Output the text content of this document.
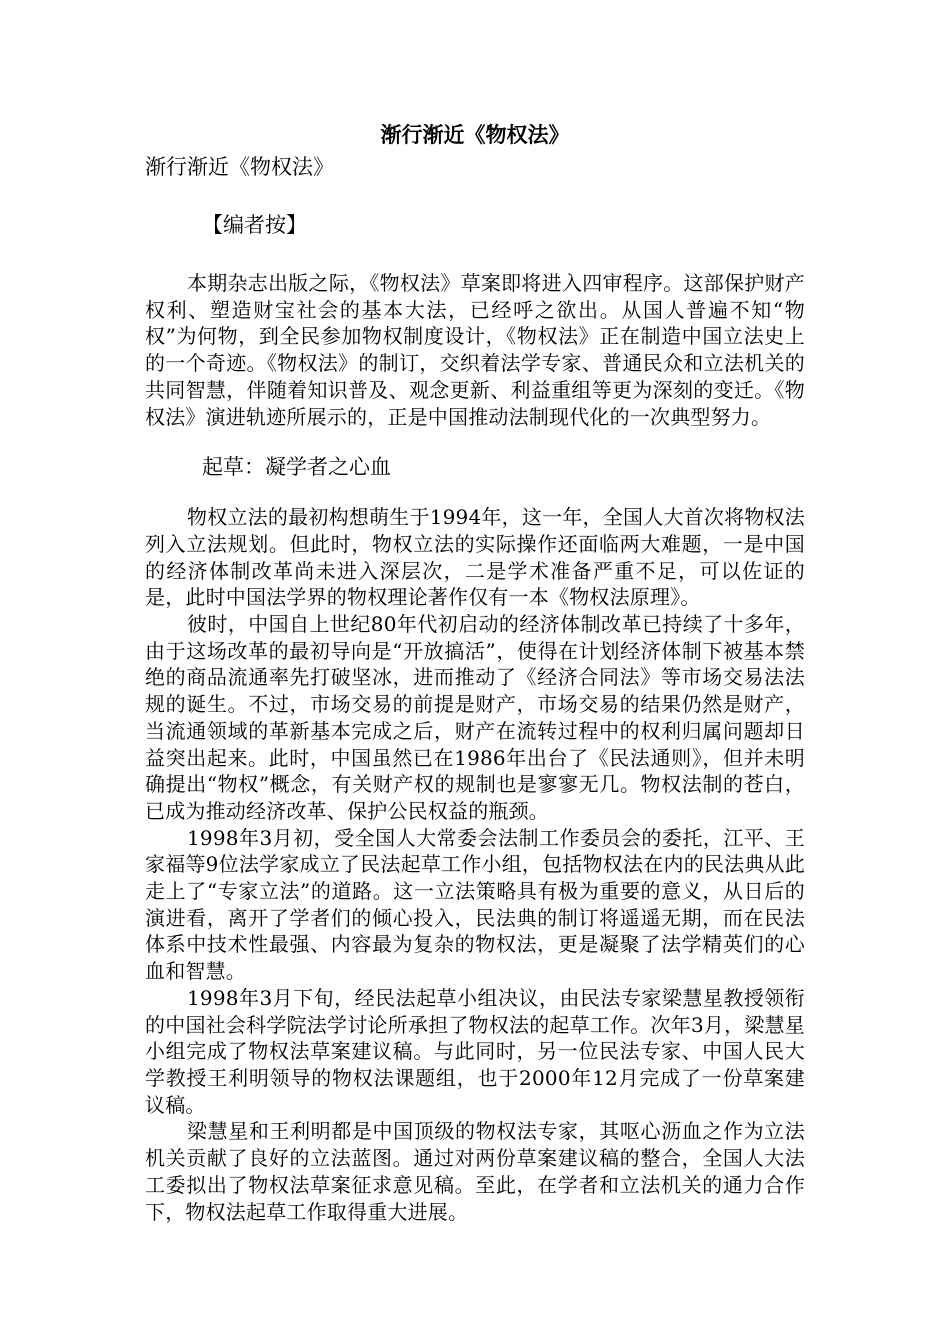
渐行渐近《物权法》

渐行渐近《物权法》

【编者按】

本期杂志出版之际，《物权法》草案即将进入四审程序。这部保护财产权利、塑造财宝社会的基本大法，已经呼之欲出。从国人普遍不知“物权”为何物，到全民参加物权制度设计，《物权法》正在制造中国立法史上的一个奇迹。《物权法》的制订，交织着法学专家、普通民众和立法机关的共同智慧，伴随着知识普及、观念更新、利益重组等更为深刻的变迁。《物权法》演进轨迹所展示的，正是中国推动法制现代化的一次典型努力。

起草：凝学者之心血

物权立法的最初构想萌生于1994年，这一年，全国人大首次将物权法列入立法规划。但此时，物权立法的实际操作还面临两大难题，一是中国的经济体制改革尚未进入深层次，二是学术准备严重不足，可以佐证的是，此时中国法学界的物权理论著作仅有一本《物权法原理》。

彼时，中国自上世纪80年代初启动的经济体制改革已持续了十多年，由于这场改革的最初导向是“开放搞活”，使得在计划经济体制下被基本禁绝的商品流通率先打破坚冰，进而推动了《经济合同法》等市场交易法法规的诞生。不过，市场交易的前提是财产，市场交易的结果仍然是财产，当流通领域的革新基本完成之后，财产在流转过程中的权利归属问题却日益突出起来。此时，中国虽然已在1986年出台了《民法通则》，但并未明确提出“物权”概念，有关财产权的规制也是寥寥无几。物权法制的苍白，已成为推动经济改革、保护公民权益的瓶颈。

1998年3月初，受全国人大常委会法制工作委员会的委托，江平、王家福等9位法学家成立了民法起草工作小组，包括物权法在内的民法典从此走上了“专家立法”的道路。这一立法策略具有极为重要的意义，从日后的演进看，离开了学者们的倾心投入，民法典的制订将遥遥无期，而在民法体系中技术性最强、内容最为复杂的物权法，更是凝聚了法学精英们的心血和智慧。

1998年3月下旬，经民法起草小组决议，由民法专家梁慧星教授领衔的中国社会科学院法学讨论所承担了物权法的起草工作。次年3月，梁慧星小组完成了物权法草案建议稿。与此同时，另一位民法专家、中国人民大学教授王利明领导的物权法课题组，也于2000年12月完成了一份草案建议稿。

梁慧星和王利明都是中国顶级的物权法专家，其呕心沥血之作为立法机关贡献了良好的立法蓝图。通过对两份草案建议稿的整合，全国人大法工委拟出了物权法草案征求意见稿。至此，在学者和立法机关的通力合作下，物权法起草工作取得重大进展。
